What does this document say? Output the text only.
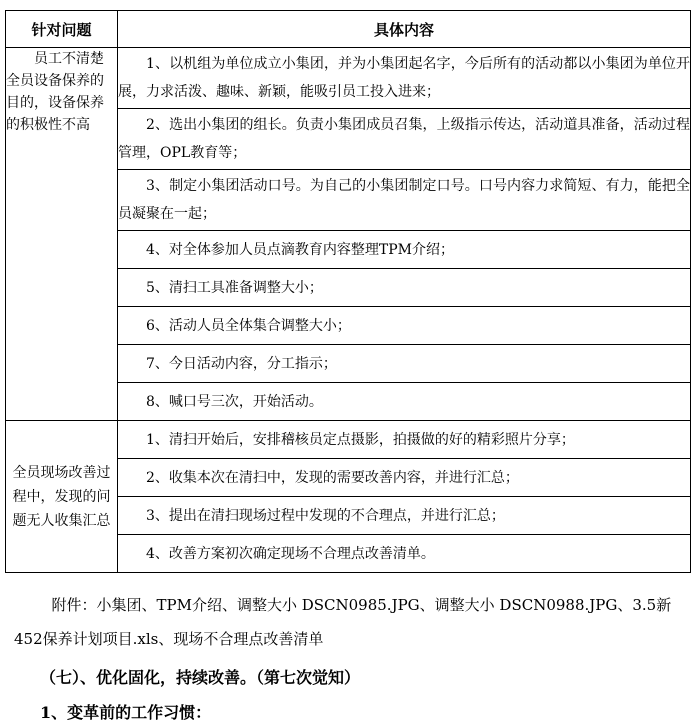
针对问题	具体内容
员工不清楚全员设备保养的目的，设备保养的积极性不高	1、以机组为单位成立小集团，并为小集团起名字，今后所有的活动都以小集团为单位开展，力求活泼、趣味、新颖，能吸引员工投入进来；
	2、选出小集团的组长。负责小集团成员召集，上级指示传达，活动道具准备，活动过程管理，OPL教育等；
	3、制定小集团活动口号。为自己的小集团制定口号。口号内容力求简短、有力，能把全员凝聚在一起；
	4、对全体参加人员点滴教育内容整理TPM介绍；
	5、清扫工具准备调整大小；
	6、活动人员全体集合调整大小；
	7、今日活动内容，分工指示；
	8、喊口号三次，开始活动。
全员现场改善过程中，发现的问题无人收集汇总	1、清扫开始后，安排稽核员定点摄影，拍摄做的好的精彩照片分享；
	2、收集本次在清扫中，发现的需要改善内容，并进行汇总；
	3、提出在清扫现场过程中发现的不合理点，并进行汇总；
	4、改善方案初次确定现场不合理点改善清单。
附件：小集团、TPM介绍、调整大小 DSCN0985.JPG、调整大小 DSCN0988.JPG、3.5新452保养计划项目.xls、现场不合理点改善清单
（七）、优化固化，持续改善。（第七次觉知）
1、变革前的工作习惯：
